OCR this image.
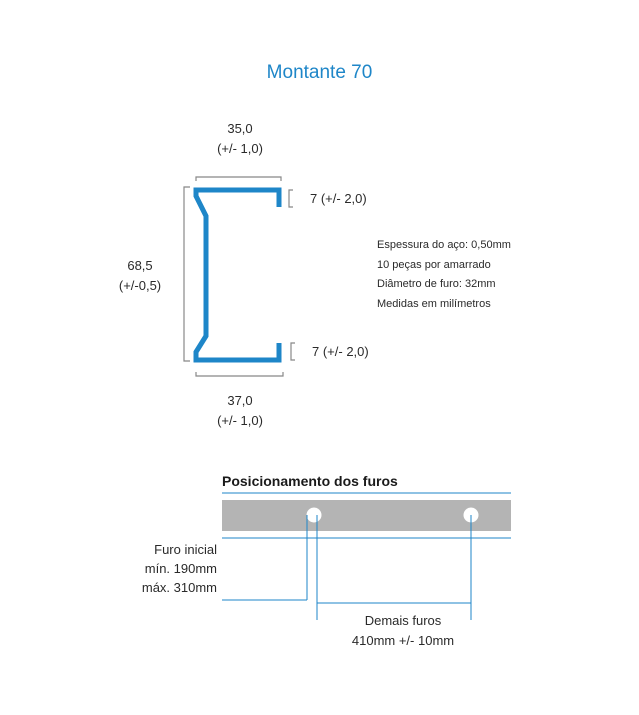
Montante 70
35,0
(+/- 1,0)
68,5
(+/-0,5)
37,0
(+/- 1,0)
7 (+/- 2,0)
7 (+/- 2,0)
Espessura do aço: 0,50mm
10 peças por amarrado
Diâmetro de furo: 32mm
Medidas em milímetros
Posicionamento dos furos
Furo inicial
mín. 190mm
máx. 310mm
Demais furos
410mm +/- 10mm
